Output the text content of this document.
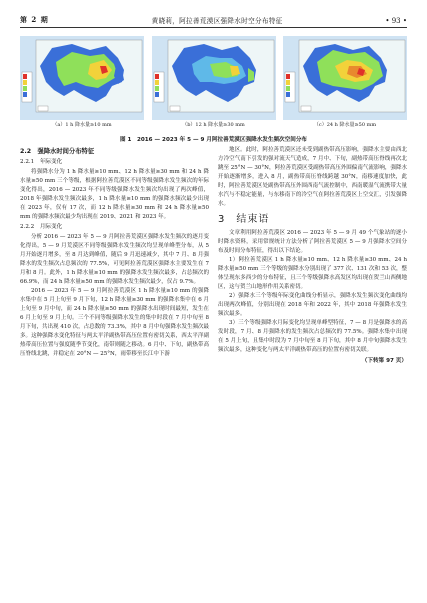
第 2 期	黄晓莉，阿拉善荒漠区强降水时空分布特征	• 93 •
（a）1 h 降水量≥10 mm	（b）12 h 降水量≥30 mm	（c）24 h 降水量≥50 mm
图 1　2016 — 2023 年 5 — 9 月阿拉善荒漠区强降水发生频次空间分布
2.2　强降水时间分布特征
2.2.1　年际变化

将强降水分为 1 h 降水量≥10 mm、12 h 降水量≥30 mm 和 24 h 降水量≥50 mm 三个等级，根据阿拉善荒漠区不同等级强降水发生频次的年际变化得出，2016 — 2023 年不同等级强降水发生频次均出现了两次峰值，2018 年强降水发生频次最多，1 h 降水量≥10 mm 的强降水频次最少出现在 2023 年，仅有 17 次，而 12 h 降水量≥30 mm 和 24 h 降水量≥50 mm 的强降水频次最少均出现在 2019、2021 和 2023 年。

2.2.2　月际变化

分析 2016 — 2023 年 5 — 9 月阿拉善荒漠区强降水发生频次的逐月变化得出，5 — 9 月荒漠区不同等级强降水发生频次均呈现单峰型分布，从 5 月开始逐月增多，至 8 月达到峰值，随后 9 月迅速减少，其中 7 月、8 月强降水的发生频次占总频次的 77.5%，可见阿拉善荒漠区强降水主要发生在 7 月和 8 月。此外，1 h 降水量≥10 mm 的强降水发生频次最多，占总频次的 66.9%，而 24 h 降水量≥50 mm 的强降水发生频次最少，仅占 9.7%。

2016 — 2023 年 5 — 9 月阿拉善荒漠区 1 h 降水量≥10 mm 的强降水集中在 5 月上旬至 9 月下旬，12 h 降水量≥30 mm 的强降水集中在 6 月上旬至 9 月中旬，而 24 h 降水量≥50 mm 的强降水出现时间最短，发生在 6 月上旬至 9 月上旬。三个不同等级强降水发生的集中时段在 7 月中旬至 8 月下旬，共出现 410 次，占总数的 73.3%，其中 8 月中旬强降水发生频次最多。这种强降水变化特征与两太平洋副热带高压位置有密切关系，西太平洋副热带高压位置与强度随季节变化，南带则随之移动。6 月中、下旬，副热带高压脊线北跳，并稳定在 20°N — 25°N，雨带移至长江中下游

地区。此时，阿拉善荒漠区还未受到副热带高压影响，强降水主要由西北方冷空气南下引发的强对流天气造成，7 月中、下旬，副热带高压脊线再次北跳至 25°N — 30°N，阿拉善荒漠区受副热带高压外围偏南气流影响，强降水开始逐渐增多，进入 8 月，副热带高压脊线跨越 30°N，南移速度加快，此时，阿拉善荒漠区处副热带高压外围西南气流控制中，西南暖湿气流携带大量水汽与不稳定能量，与东移南下的冷空气在阿拉善荒漠区上空交汇，引发强降水。

3　结束语

文章利用阿拉善荒漠区 2016 — 2023 年 5 — 9 月 49 个气象站的逐小时降水资料，采用常规统计方法分析了阿拉善荒漠区 5 — 9 月强降水空间分布及时间分布特征，得出以下结论。

1）阿拉善荒漠区 1 h 降水量≥10 mm、12 h 降水量≥30 mm、24 h 降水量≥50 mm 三个等级的强降水分别出现了 377 次、131 次和 53 次，整体呈现东多西少的分布特征，且三个等级强降水高发区均出现在贺兰山西侧地区，这与贺兰山地形作用关系密切。

2）强降水三个等级年际变化曲线分析显示，强降水发生频次变化曲线均出现两次峰值，分别出现在 2018 年和 2022 年，其中 2018 年强降水发生频次最多。

3）三个等级强降水月际变化均呈现单峰型特征，7 — 8 月是强降水的高发时段，7 月、8 月强降水的发生频次占总频次的 77.5%。强降水集中出现在 5 月上旬，且集中时段为 7 月中旬至 8 月下旬，其中 8 月中旬强降水发生频次最多，这种变化与两太平洋副热带高压的位置有密切关联。

（下转第 97 页）
